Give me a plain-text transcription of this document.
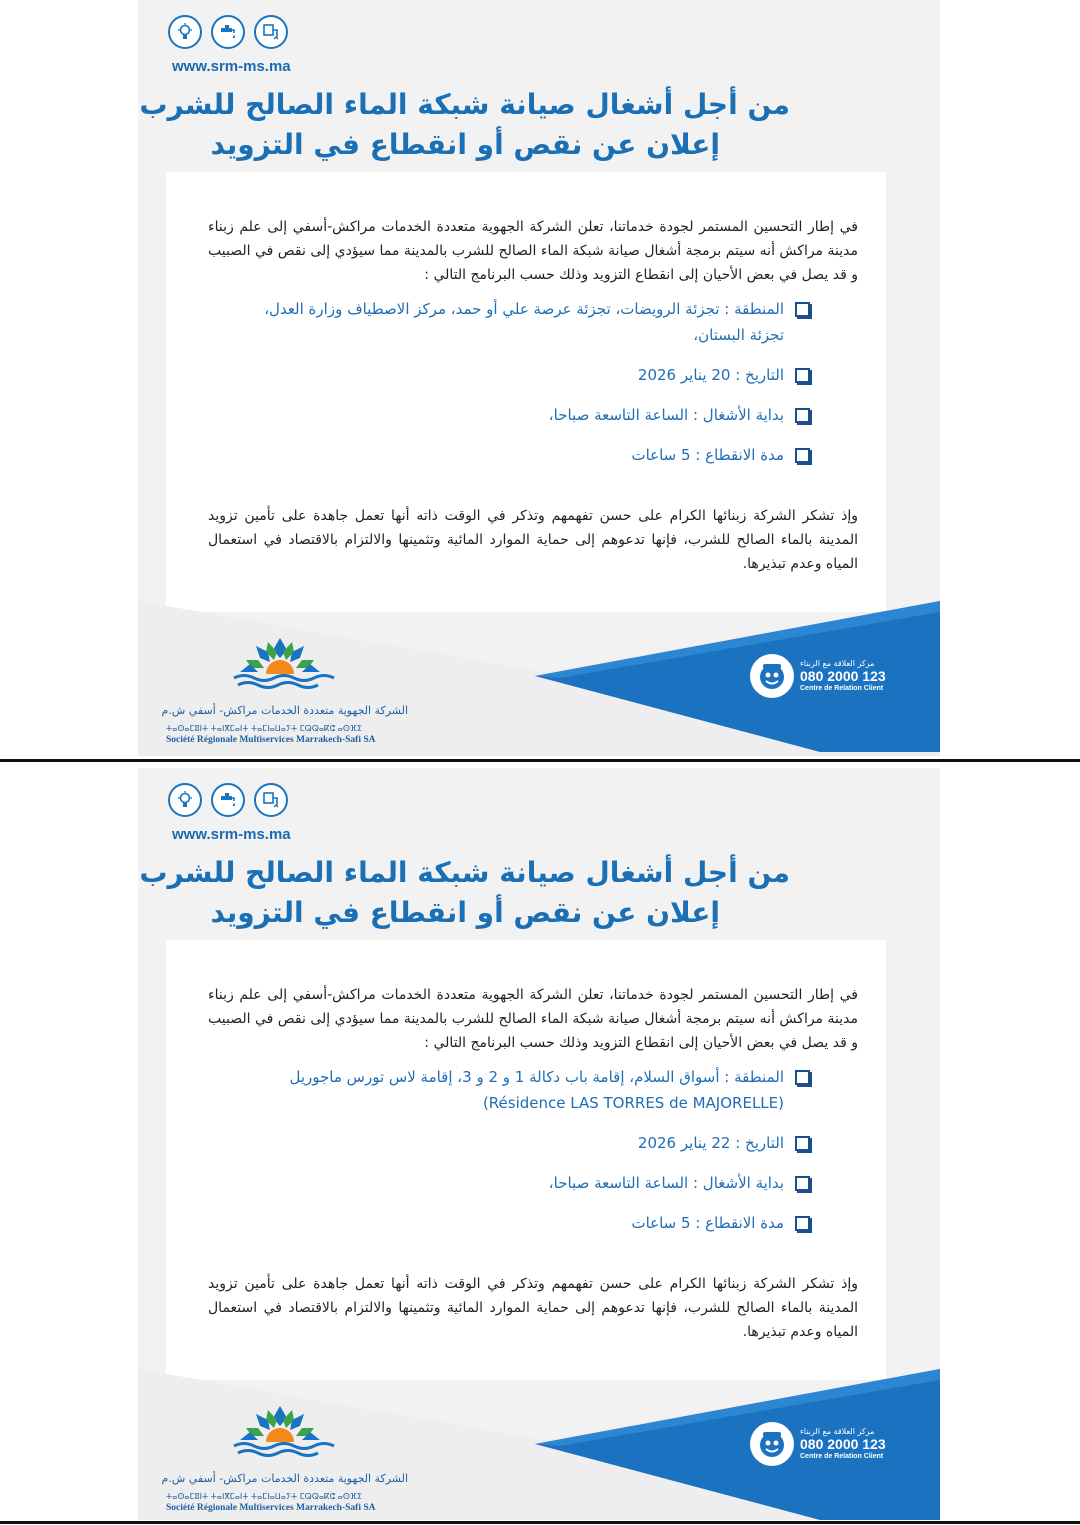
www.srm-ms.ma
من أجل أشغال صيانة شبكة الماء الصالح للشرب
إعلان عن نقص أو انقطاع في التزويد

في إطار التحسين المستمر لجودة خدماتنا، تعلن الشركة الجهوية متعددة الخدمات مراكش-أسفي إلى علم زبناء مدينة مراكش أنه سيتم برمجة أشغال صيانة شبكة الماء الصالح للشرب بالمدينة مما سيؤدي إلى نقص في الصبيب و قد يصل في بعض الأحيان إلى انقطاع التزويد وذلك حسب البرنامج التالي :

المنطقة : تجزئة الرويضات، تجزئة عرصة علي أو حمد، مركز الاصطياف وزارة العدل، تجزئة البستان،
التاريخ : 20 يناير 2026
بداية الأشغال : الساعة التاسعة صباحا،
مدة الانقطاع : 5 ساعات

وإذ تشكر الشركة زبنائها الكرام على حسن تفهمهم وتذكر في الوقت ذاته أنها تعمل جاهدة على تأمين تزويد المدينة بالماء الصالح للشرب، فإنها تدعوهم إلى حماية الموارد المائية وتثمينها والالتزام بالاقتصاد في استعمال المياه وعدم تبذيرها.

مركز العلاقة مع الزبناء
080 2000 123
Centre de Relation Client
الشركة الجهوية متعددة الخدمات مراكش- أسفي ش.م
ⵜⴰⵙⴰⵎⵓⵏⵜ ⵜⴰⵏⴳⵎⴰⵏⵜ ⵜⴰⵎⵏⴰⵡⴰⵢⵜ ⵎⵕⵕⴰⴽⵛ ⴰⵙⴼⵉ
Société Régionale Multiservices Marrakech-Safi SA
www.srm-ms.ma
من أجل أشغال صيانة شبكة الماء الصالح للشرب
إعلان عن نقص أو انقطاع في التزويد

في إطار التحسين المستمر لجودة خدماتنا، تعلن الشركة الجهوية متعددة الخدمات مراكش-أسفي إلى علم زبناء مدينة مراكش أنه سيتم برمجة أشغال صيانة شبكة الماء الصالح للشرب بالمدينة مما سيؤدي إلى نقص في الصبيب و قد يصل في بعض الأحيان إلى انقطاع التزويد وذلك حسب البرنامج التالي :

المنطقة : أسواق السلام، إقامة باب دكالة 1 و 2 و 3، إقامة لاس تورس ماجوريل (Résidence LAS TORRES de MAJORELLE)
التاريخ : 22 يناير 2026
بداية الأشغال : الساعة التاسعة صباحا،
مدة الانقطاع : 5 ساعات

وإذ تشكر الشركة زبنائها الكرام على حسن تفهمهم وتذكر في الوقت ذاته أنها تعمل جاهدة على تأمين تزويد المدينة بالماء الصالح للشرب، فإنها تدعوهم إلى حماية الموارد المائية وتثمينها والالتزام بالاقتصاد في استعمال المياه وعدم تبذيرها.

مركز العلاقة مع الزبناء
080 2000 123
Centre de Relation Client
الشركة الجهوية متعددة الخدمات مراكش- أسفي ش.م
ⵜⴰⵙⴰⵎⵓⵏⵜ ⵜⴰⵏⴳⵎⴰⵏⵜ ⵜⴰⵎⵏⴰⵡⴰⵢⵜ ⵎⵕⵕⴰⴽⵛ ⴰⵙⴼⵉ
Société Régionale Multiservices Marrakech-Safi SA
